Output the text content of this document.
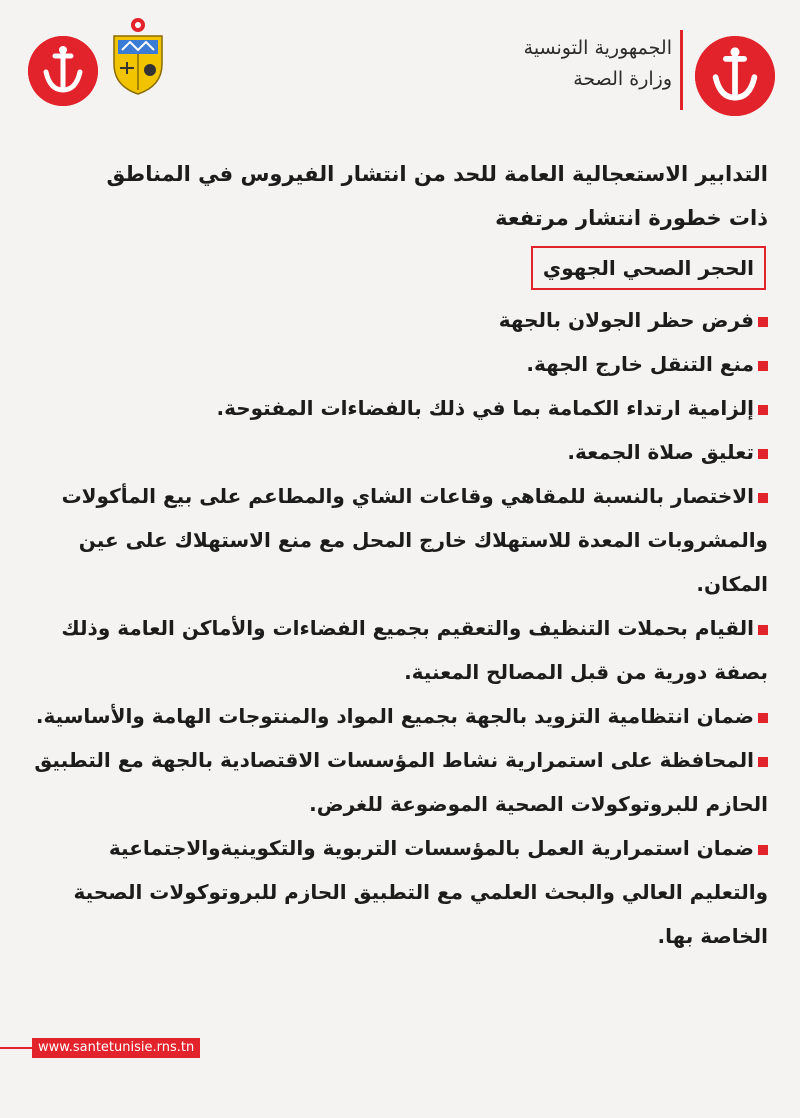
الجمهورية التونسية
وزارة الصحة

التدابير الاستعجالية العامة للحد من انتشار الفيروس في المناطق
ذات خطورة انتشار مرتفعة

الحجر الصحي الجهوي
فرض حظر الجولان بالجهة
منع التنقل خارج الجهة.
إلزامية ارتداء الكمامة بما في ذلك بالفضاءات المفتوحة.
تعليق صلاة الجمعة.
الاختصار بالنسبة للمقاهي وقاعات الشاي والمطاعم على بيع المأكولات والمشروبات المعدة للاستهلاك خارج المحل مع منع الاستهلاك على عين المكان.
القيام بحملات التنظيف والتعقيم بجميع الفضاءات والأماكن العامة وذلك بصفة دورية من قبل المصالح المعنية.
ضمان انتظامية التزويد بالجهة بجميع المواد والمنتوجات الهامة والأساسية.
المحافظة على استمرارية نشاط المؤسسات الاقتصادية بالجهة مع التطبيق الحازم للبروتوكولات الصحية الموضوعة للغرض.
ضمان استمرارية العمل بالمؤسسات التربوية والتكوينيةوالاجتماعية والتعليم العالي والبحث العلمي مع التطبيق الحازم للبروتوكولات الصحية الخاصة بها.
www.santetunisie.rns.tn
